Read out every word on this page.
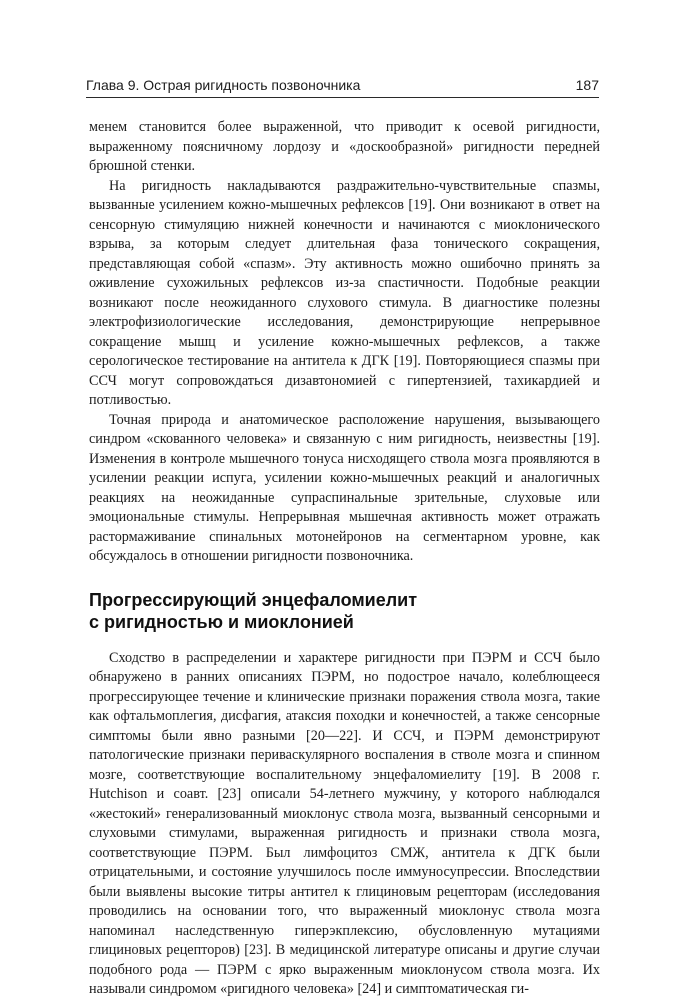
Глава 9. Острая ригидность позвоночника	187

менем становится более выраженной, что приводит к осевой ригидности, выраженному поясничному лордозу и «доскообразной» ригидности передней брюшной стенки.

На ригидность накладываются раздражительно-чувствительные спазмы, вызванные усилением кожно-мышечных рефлексов [19]. Они возникают в ответ на сенсорную стимуляцию нижней конечности и начинаются с миоклонического взрыва, за которым следует длительная фаза тонического сокращения, представляющая собой «спазм». Эту активность можно ошибочно принять за оживление сухожильных рефлексов из-за спастичности. Подобные реакции возникают после неожиданного слухового стимула. В диагностике полезны электрофизиологические исследования, демонстрирующие непрерывное сокращение мышц и усиление кожно-мышечных рефлексов, а также серологическое тестирование на антитела к ДГК [19]. Повторяющиеся спазмы при ССЧ могут сопровождаться дизавтономией с гипертензией, тахикардией и потливостью.

Точная природа и анатомическое расположение нарушения, вызывающего синдром «скованного человека» и связанную с ним ригидность, неизвестны [19]. Изменения в контроле мышечного тонуса нисходящего ствола мозга проявляются в усилении реакции испуга, усилении кожно-мышечных реакций и аналогичных реакциях на неожиданные супраспинальные зрительные, слуховые или эмоциональные стимулы. Непрерывная мышечная активность может отражать растормаживание спинальных мотонейронов на сегментарном уровне, как обсуждалось в отношении ригидности позвоночника.

Прогрессирующий энцефаломиелит
с ригидностью и миоклонией

Сходство в распределении и характере ригидности при ПЭРМ и ССЧ было обнаружено в ранних описаниях ПЭРМ, но подострое начало, колеблющееся прогрессирующее течение и клинические признаки поражения ствола мозга, такие как офтальмоплегия, дисфагия, атаксия походки и конечностей, а также сенсорные симптомы были явно разными [20—22]. И ССЧ, и ПЭРМ демонстрируют патологические признаки периваскулярного воспаления в стволе мозга и спинном мозге, соответствующие воспалительному энцефаломиелиту [19]. В 2008 г. Hutchison и соавт. [23] описали 54-летнего мужчину, у которого наблюдался «жестокий» генерализованный миоклонус ствола мозга, вызванный сенсорными и слуховыми стимулами, выраженная ригидность и признаки ствола мозга, соответствующие ПЭРМ. Был лимфоцитоз СМЖ, антитела к ДГК были отрицательными, и состояние улучшилось после иммуносупрессии. Впоследствии были выявлены высокие титры антител к глициновым рецепторам (исследования проводились на основании того, что выраженный миоклонус ствола мозга напоминал наследственную гиперэкплексию, обусловленную мутациями глициновых рецепторов) [23]. В медицинской литературе описаны и другие случаи подобного рода — ПЭРМ с ярко выраженным миоклонусом ствола мозга. Их называли синдромом «ригидного человека» [24] и симптоматическая ги-
